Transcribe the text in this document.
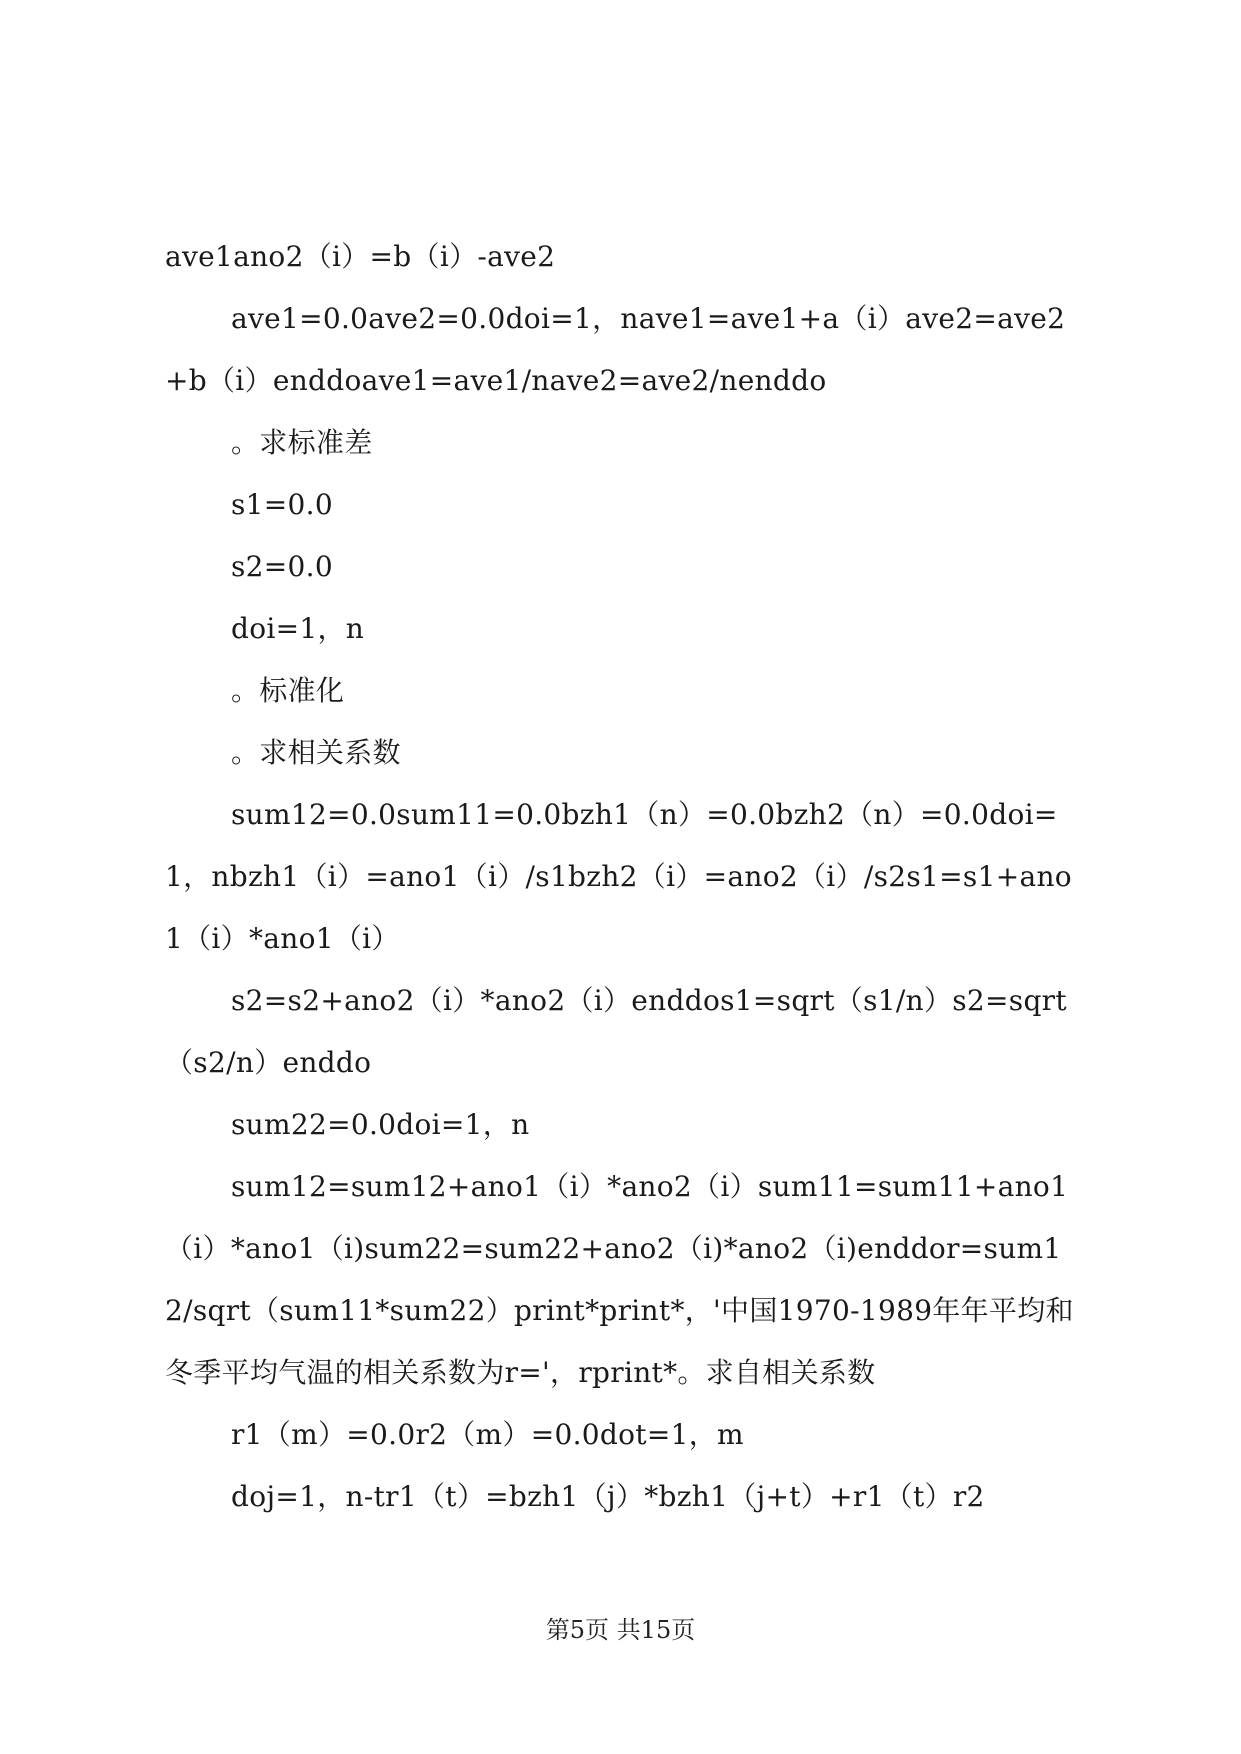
ave1ano2（i）=b（i）-ave2

ave1=0.0ave2=0.0doi=1，nave1=ave1+a（i）ave2=ave2+b（i）enddoave1=ave1/nave2=ave2/nenddo

。求标准差

s1=0.0

s2=0.0

doi=1，n

。标准化

。求相关系数

sum12=0.0sum11=0.0bzh1（n）=0.0bzh2（n）=0.0doi=1，nbzh1（i）=ano1（i）/s1bzh2（i）=ano2（i）/s2s1=s1+ano1（i）*ano1（i）

s2=s2+ano2（i）*ano2（i）enddos1=sqrt（s1/n）s2=sqrt（s2/n）enddo

sum22=0.0doi=1，n

sum12=sum12+ano1（i）*ano2（i）sum11=sum11+ano1（i）*ano1（i)sum22=sum22+ano2（i)*ano2（i)enddor=sum12/sqrt（sum11*sum22）print*print*，'中国1970-1989年年平均和冬季平均气温的相关系数为r='，rprint*。求自相关系数

r1（m）=0.0r2（m）=0.0dot=1，m

doj=1，n-tr1（t）=bzh1（j）*bzh1（j+t）+r1（t）r2

第5页 共15页
